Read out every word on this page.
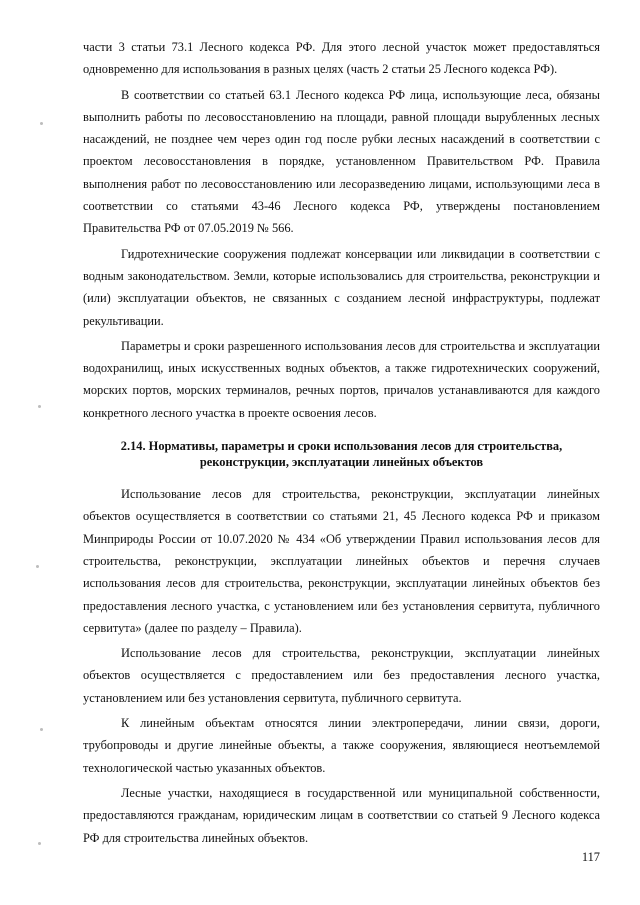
части 3 статьи 73.1 Лесного кодекса РФ. Для этого лесной участок может предоставляться одновременно для использования в разных целях (часть 2 статьи 25 Лесного кодекса РФ).

В соответствии со статьей 63.1 Лесного кодекса РФ лица, использующие леса, обязаны выполнить работы по лесовосстановлению на площади, равной площади вырубленных лесных насаждений, не позднее чем через один год после рубки лесных насаждений в соответствии с проектом лесовосстановления в порядке, установленном Правительством РФ. Правила выполнения работ по лесовосстановлению или лесоразведению лицами, использующими леса в соответствии со статьями 43-46 Лесного кодекса РФ, утверждены постановлением Правительства РФ от 07.05.2019 № 566.

Гидротехнические сооружения подлежат консервации или ликвидации в соответствии с водным законодательством. Земли, которые использовались для строительства, реконструкции и (или) эксплуатации объектов, не связанных с созданием лесной инфраструктуры, подлежат рекультивации.

Параметры и сроки разрешенного использования лесов для строительства и эксплуатации водохранилищ, иных искусственных водных объектов, а также гидротехнических сооружений, морских портов, морских терминалов, речных портов, причалов устанавливаются для каждого конкретного лесного участка в проекте освоения лесов.

2.14. Нормативы, параметры и сроки использования лесов для строительства,
реконструкции, эксплуатации линейных объектов

Использование лесов для строительства, реконструкции, эксплуатации линейных объектов осуществляется в соответствии со статьями 21, 45 Лесного кодекса РФ и приказом Минприроды России от 10.07.2020 № 434 «Об утверждении Правил использования лесов для строительства, реконструкции, эксплуатации линейных объектов и перечня случаев использования лесов для строительства, реконструкции, эксплуатации линейных объектов без предоставления лесного участка, с установлением или без установления сервитута, публичного сервитута» (далее по разделу – Правила).

Использование лесов для строительства, реконструкции, эксплуатации линейных объектов осуществляется с предоставлением или без предоставления лесного участка, установлением или без установления сервитута, публичного сервитута.

К линейным объектам относятся линии электропередачи, линии связи, дороги, трубопроводы и другие линейные объекты, а также сооружения, являющиеся неотъемлемой технологической частью указанных объектов.

Лесные участки, находящиеся в государственной или муниципальной собственности, предоставляются гражданам, юридическим лицам в соответствии со статьей 9 Лесного кодекса РФ для строительства линейных объектов.

117
